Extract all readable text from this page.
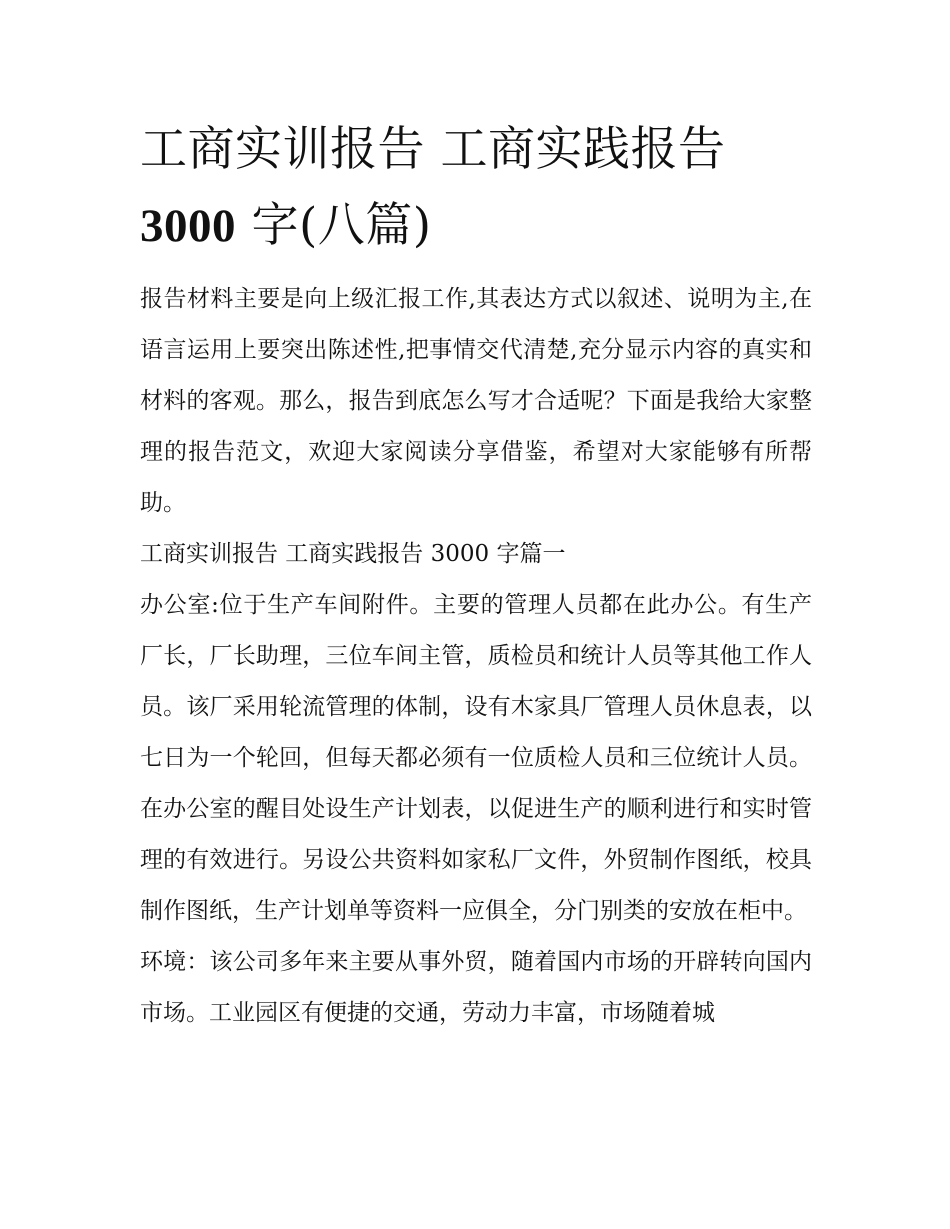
工商实训报告 工商实践报告
3000 字(八篇)

报告材料主要是向上级汇报工作,其表达方式以叙述、说明为主,在语言运用上要突出陈述性,把事情交代清楚,充分显示内容的真实和材料的客观。那么，报告到底怎么写才合适呢？下面是我给大家整理的报告范文，欢迎大家阅读分享借鉴，希望对大家能够有所帮助。

工商实训报告 工商实践报告 3000 字篇一

办公室:位于生产车间附件。主要的管理人员都在此办公。有生产厂长，厂长助理，三位车间主管，质检员和统计人员等其他工作人员。该厂采用轮流管理的体制，设有木家具厂管理人员休息表，以七日为一个轮回，但每天都必须有一位质检人员和三位统计人员。在办公室的醒目处设生产计划表，以促进生产的顺利进行和实时管理的有效进行。另设公共资料如家私厂文件，外贸制作图纸，校具制作图纸，生产计划单等资料一应俱全，分门别类的安放在柜中。

环境：该公司多年来主要从事外贸，随着国内市场的开辟转向国内市场。工业园区有便捷的交通，劳动力丰富，市场随着城
